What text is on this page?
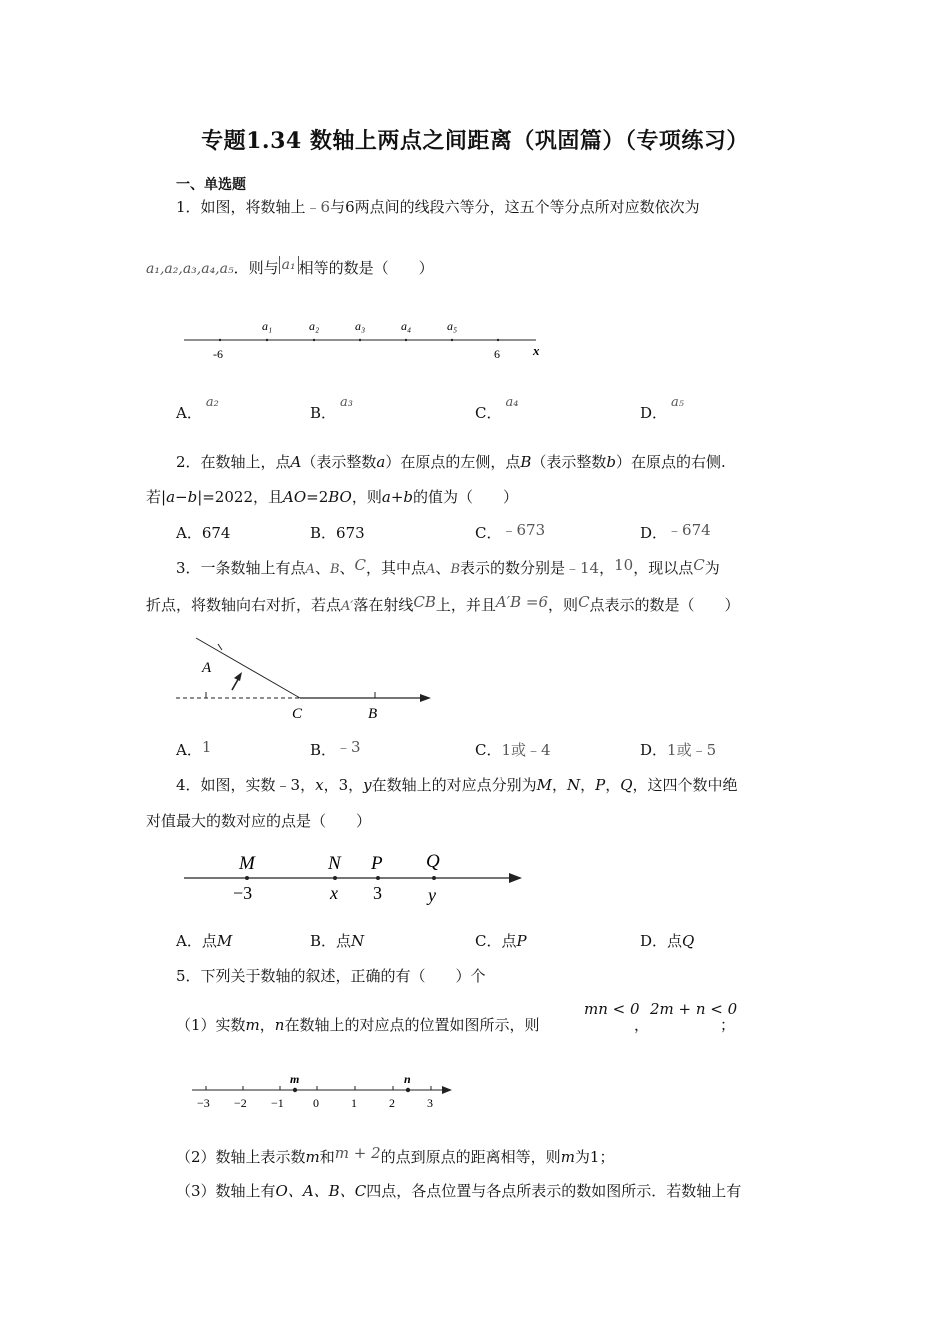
专题1.34 数轴上两点之间距离（巩固篇）（专项练习）
一、单选题
1．如图，将数轴上﹣6与6两点间的线段六等分，这五个等分点所对应数依次为
a₁,a₂,a₃,a₄,a₅．则与 a₁ 相等的数是（　　）
a₁	a₂	a₃	a₄	a₅
-6	6	x
A．a₂
B．a₃
C．a₄
D．a₅
2．在数轴上，点A（表示整数a）在原点的左侧，点B（表示整数b）在原点的右侧.
若|a−b|=2022，且AO=2BO，则a+b的值为（　　）
A．674	B．673	C．﹣673	D．﹣674
3．一条数轴上有点A、B、C，其中点A、B表示的数分别是﹣14，10，现以点C为
折点，将数轴向右对折，若点A′落在射线CB上，并且A′B =6，则C点表示的数是（　　）
A
C	B
A．1	B．﹣3	C．1或﹣4	D．1或﹣5
4．如图，实数﹣3，x，3，y在数轴上的对应点分别为M，N，P，Q，这四个数中绝
对值最大的数对应的点是（　　）
M	N P Q
−3	x 3	y
A．点M	B．点N	C．点P	D．点Q
5．下列关于数轴的叙述，正确的有（　　）个
（1）实数m，n在数轴上的对应点的位置如图所示，则
mn < 0
，
2m + n < 0
；
m	n
−3 −2 −1 0	1	2	3
（2）数轴上表示数m和m + 2的点到原点的距离相等，则m为1；
（3）数轴上有O、A、B、C四点，各点位置与各点所表示的数如图所示．若数轴上有
